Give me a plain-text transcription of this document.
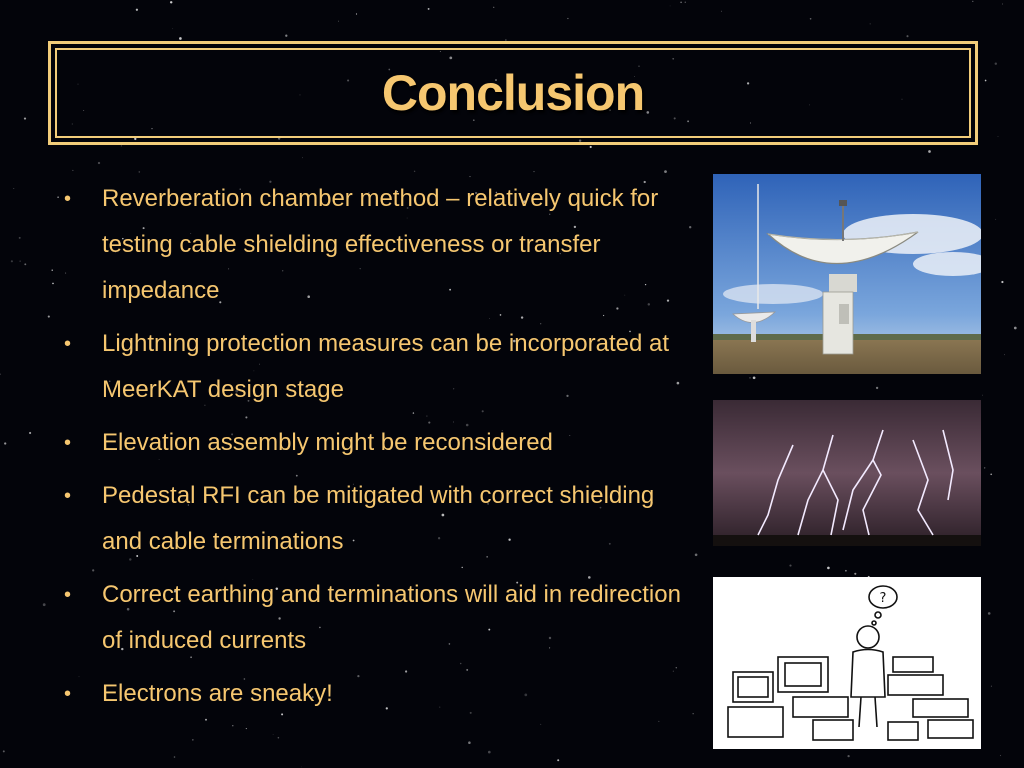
Conclusion
• Reverberation chamber method – relatively quick for testing cable shielding effectiveness or transfer impedance
• Lightning protection measures can be incorporated at MeerKAT design stage
• Elevation assembly might be reconsidered
• Pedestal RFI can be mitigated with correct shielding and cable terminations
• Correct earthing and terminations will aid in redirection of induced currents
• Electrons are sneaky!
?
